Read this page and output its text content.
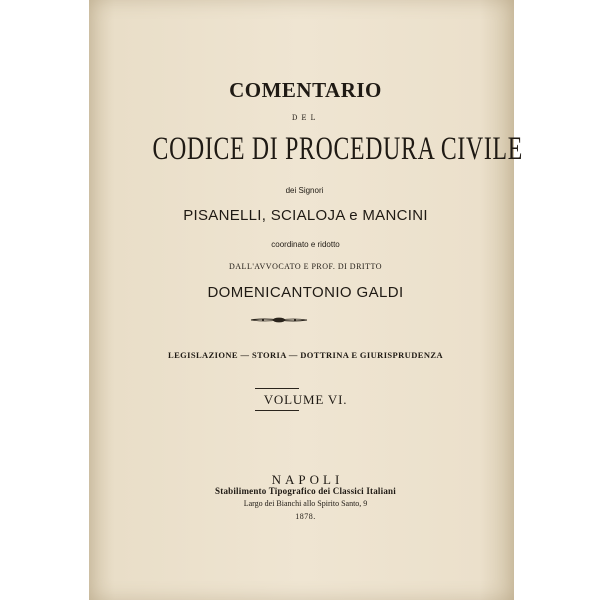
COMENTARIO
DEL
CODICE DI PROCEDURA CIVILE
dei Signori
PISANELLI, SCIALOJA e MANCINI
coordinato e ridotto
DALL'AVVOCATO E PROF. DI DRITTO
DOMENICANTONIO GALDI
LEGISLAZIONE — STORIA — DOTTRINA E GIURISPRUDENZA
VOLUME VI.
NAPOLI
Stabilimento Tipografico dei Classici Italiani
Largo dei Bianchi allo Spirito Santo, 9
1878.
